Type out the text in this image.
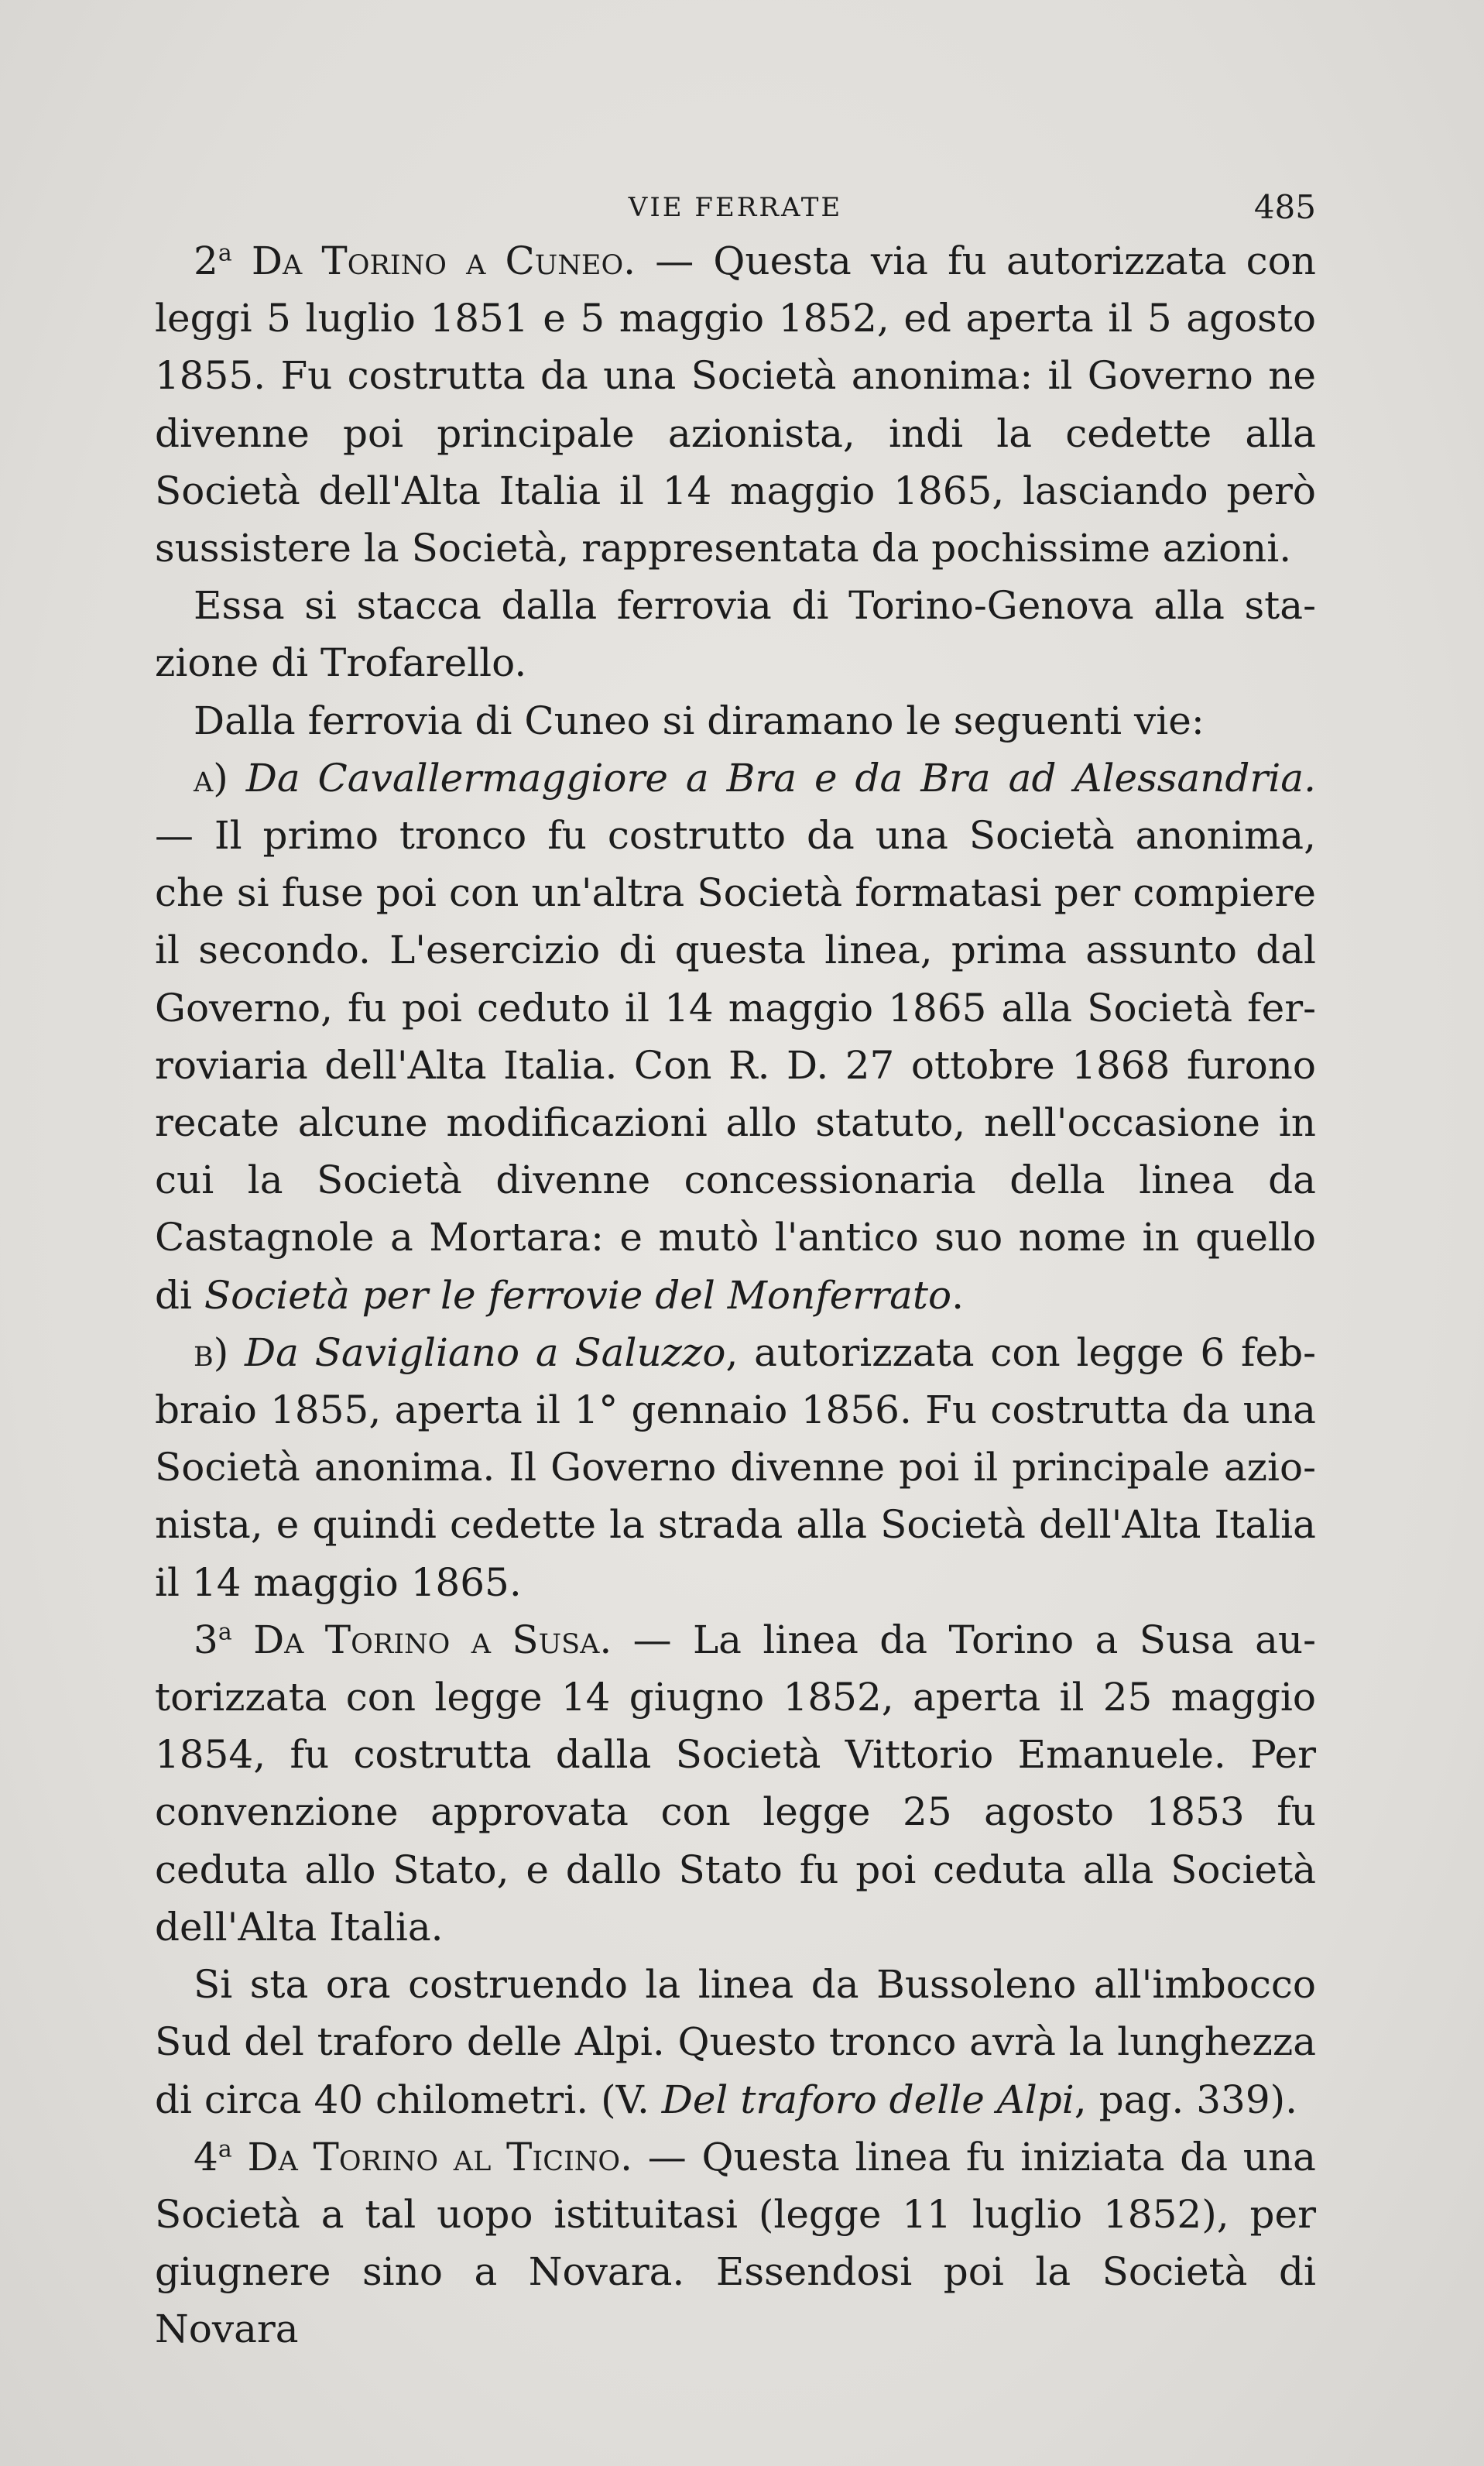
VIE FERRATE	485

2$^a$ Da Torino a Cuneo. — Questa via fu autorizzata con leggi 5 luglio 1851 e 5 maggio 1852, ed aperta il 5 agosto 1855. Fu costrutta da una Società anonima: il Governo ne divenne poi principale azionista, indi la cedette alla Società dell'Alta Italia il 14 maggio 1865, lasciando però sussistere la Società, rappresentata da pochissime azioni.

Essa si stacca dalla ferrovia di Torino-Genova alla stazione di Trofarello.

Dalla ferrovia di Cuneo si diramano le seguenti vie:

a) Da Cavallermaggiore a Bra e da Bra ad Alessandria. — Il primo tronco fu costrutto da una Società anonima, che si fuse poi con un'altra Società formatasi per compiere il secondo. L'esercizio di questa linea, prima assunto dal Governo, fu poi ceduto il 14 maggio 1865 alla Società ferroviaria dell'Alta Italia. Con R. D. 27 ottobre 1868 furono recate alcune modificazioni allo statuto, nell'occasione in cui la Società divenne concessionaria della linea da Castagnole a Mortara: e mutò l'antico suo nome in quello di Società per le ferrovie del Monferrato.

b) Da Savigliano a Saluzzo, autorizzata con legge 6 febbraio 1855, aperta il 1° gennaio 1856. Fu costrutta da una Società anonima. Il Governo divenne poi il principale azionista, e quindi cedette la strada alla Società dell'Alta Italia il 14 maggio 1865.

3$^a$ Da Torino a Susa. — La linea da Torino a Susa autorizzata con legge 14 giugno 1852, aperta il 25 maggio 1854, fu costrutta dalla Società Vittorio Emanuele. Per convenzione approvata con legge 25 agosto 1853 fu ceduta allo Stato, e dallo Stato fu poi ceduta alla Società dell'Alta Italia.

Si sta ora costruendo la linea da Bussoleno all'imbocco Sud del traforo delle Alpi. Questo tronco avrà la lunghezza di circa 40 chilometri. (V. Del traforo delle Alpi, pag. 339).

4$^a$ Da Torino al Ticino. — Questa linea fu iniziata da una Società a tal uopo istituitasi (legge 11 luglio 1852), per giugnere sino a Novara. Essendosi poi la Società di Novara
